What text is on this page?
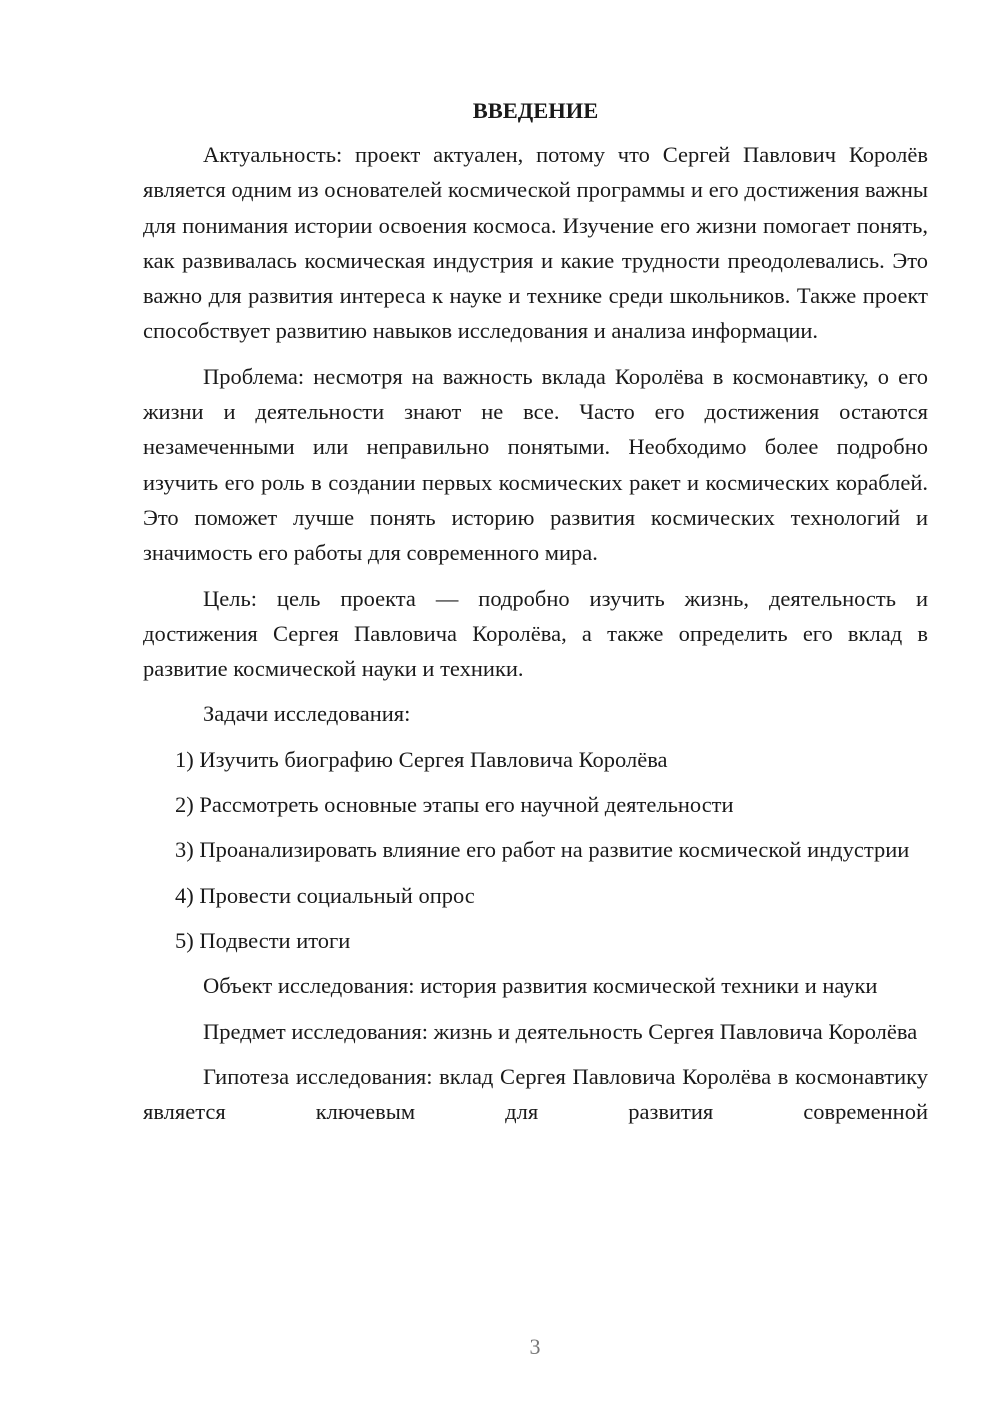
ВВЕДЕНИЕ

Актуальность: проект актуален, потому что Сергей Павлович Королёв является одним из основателей космической программы и его достижения важны для понимания истории освоения космоса. Изучение его жизни помогает понять, как развивалась космическая индустрия и какие трудности преодолевались. Это важно для развития интереса к науке и технике среди школьников. Также проект способствует развитию навыков исследования и анализа информации.

Проблема: несмотря на важность вклада Королёва в космонавтику, о его жизни и деятельности знают не все. Часто его достижения остаются незамеченными или неправильно понятыми. Необходимо более подробно изучить его роль в создании первых космических ракет и космических кораблей. Это поможет лучше понять историю развития космических технологий и значимость его работы для современного мира.

Цель: цель проекта — подробно изучить жизнь, деятельность и достижения Сергея Павловича Королёва, а также определить его вклад в развитие космической науки и техники.

Задачи исследования:

1) Изучить биографию Сергея Павловича Королёва

2) Рассмотреть основные этапы его научной деятельности

3) Проанализировать влияние его работ на развитие космической индустрии

4) Провести социальный опрос

5) Подвести итоги

Объект исследования: история развития космической техники и науки

Предмет исследования: жизнь и деятельность Сергея Павловича Королёва

Гипотеза исследования: вклад Сергея Павловича Королёва в космонавтику является ключевым для развития современной

3
